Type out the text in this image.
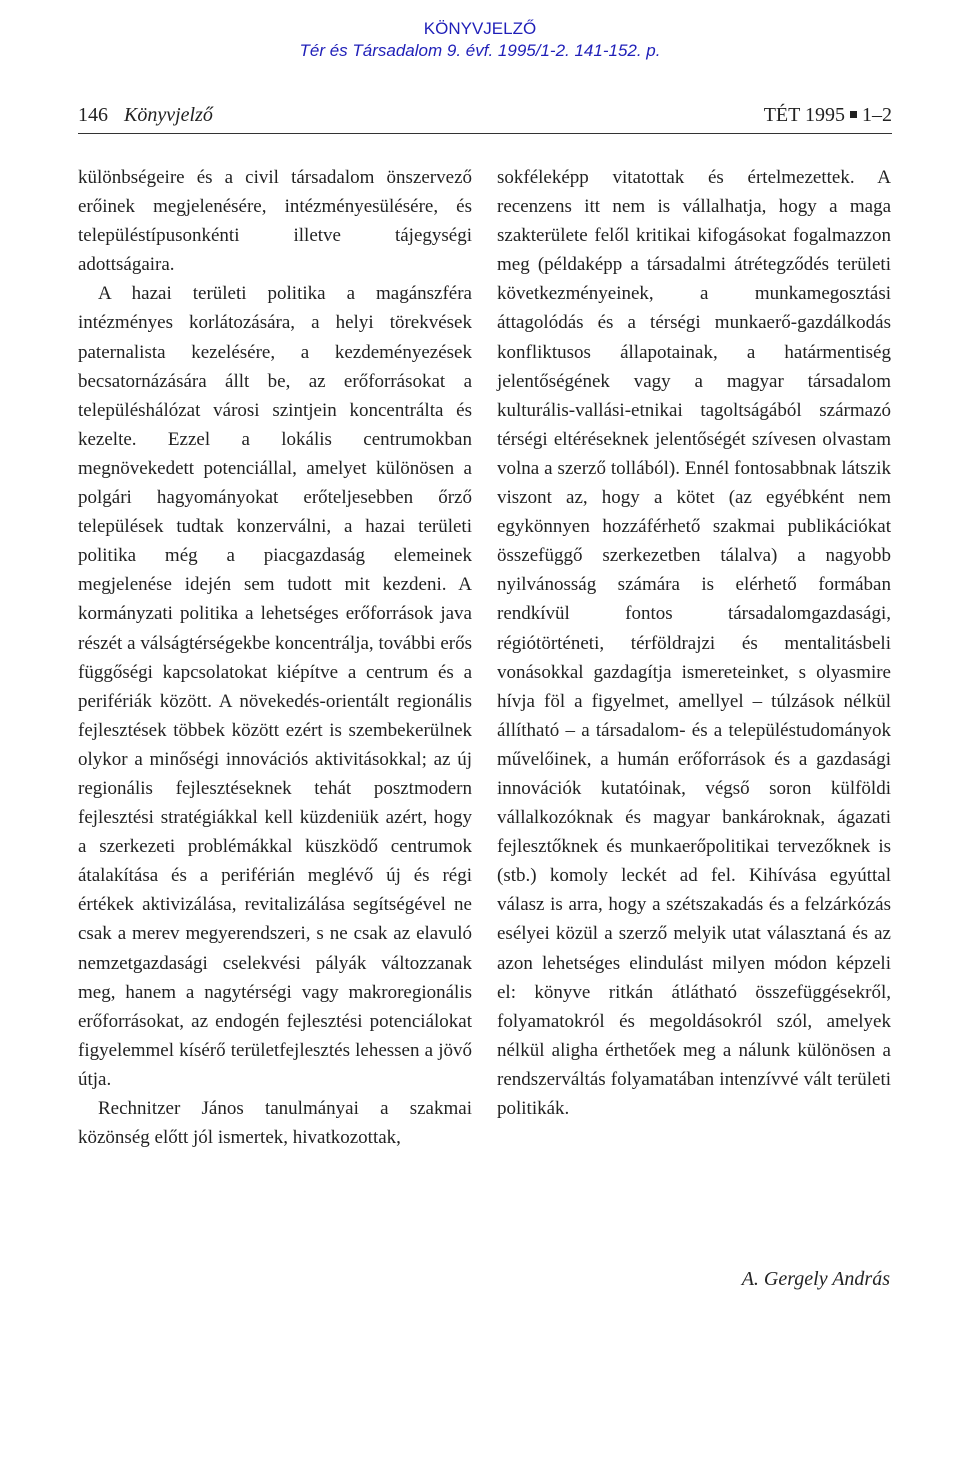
KÖNYVJELZŐ
Tér és Társadalom 9. évf. 1995/1-2. 141-152. p.
146 Könyvjelző	TÉT 1995 1–2

különbségeire és a civil társadalom önszervező erőinek megjelenésére, intézményesülésére, és településtípusonkénti illetve tájegységi adottságaira.

A hazai területi politika a magánszféra intézményes korlátozására, a helyi törekvések paternalista kezelésére, a kezdeményezések becsatornázására állt be, az erőforrásokat a településhálózat városi szintjein koncentrálta és kezelte. Ezzel a lokális centrumokban megnövekedett potenciállal, amelyet különösen a polgári hagyományokat erőteljesebben őrző települések tudtak konzerválni, a hazai területi politika még a piacgazdaság elemeinek megjelenése idején sem tudott mit kezdeni. A kormányzati politika a lehetséges erőforrások java részét a válságtérségekbe koncentrálja, további erős függőségi kapcsolatokat kiépítve a centrum és a perifériák között. A növekedés-orientált regionális fejlesztések többek között ezért is szembekerülnek olykor a minőségi innovációs aktivitásokkal; az új regionális fejlesztéseknek tehát posztmodern fejlesztési stratégiákkal kell küzdeniük azért, hogy a szerkezeti problémákkal küszködő centrumok átalakítása és a periférián meglévő új és régi értékek aktivizálása, revitalizálása segítségével ne csak a merev megyerendszeri, s ne csak az elavuló nemzetgazdasági cselekvési pályák változzanak meg, hanem a nagytérségi vagy makroregionális erőforrásokat, az endogén fejlesztési potenciálokat figyelemmel kísérő területfejlesztés lehessen a jövő útja.

Rechnitzer János tanulmányai a szakmai közönség előtt jól ismertek, hivatkozottak,

sokféleképp vitatottak és értelmezettek. A recenzens itt nem is vállalhatja, hogy a maga szakterülete felől kritikai kifogásokat fogalmazzon meg (példaképp a társadalmi átrétegződés területi következményeinek, a munkamegosztási áttagolódás és a térségi munkaerő-gazdálkodás konfliktusos állapotainak, a határmentiség jelentőségének vagy a magyar társadalom kulturális-vallási-etnikai tagoltságából származó térségi eltéréseknek jelentőségét szívesen olvastam volna a szerző tollából). Ennél fontosabbnak látszik viszont az, hogy a kötet (az egyébként nem egykönnyen hozzáférhető szakmai publikációkat összefüggő szerkezetben tálalva) a nagyobb nyilvánosság számára is elérhető formában rendkívül fontos társadalomgazdasági, régiótörténeti, térföldrajzi és mentalitásbeli vonásokkal gazdagítja ismereteinket, s olyasmire hívja föl a figyelmet, amellyel – túlzások nélkül állítható – a társadalom- és a településtudományok művelőinek, a humán erőforrások és a gazdasági innovációk kutatóinak, végső soron külföldi vállalkozóknak és magyar bankároknak, ágazati fejlesztőknek és munkaerőpolitikai tervezőknek is (stb.) komoly leckét ad fel. Kihívása egyúttal válasz is arra, hogy a szétszakadás és a felzárkózás esélyei közül a szerző melyik utat választaná és az azon lehetséges elindulást milyen módon képzeli el: könyve ritkán átlátható összefüggésekről, folyamatokról és megoldásokról szól, amelyek nélkül aligha érthetőek meg a nálunk különösen a rendszerváltás folyamatában intenzívvé vált területi politikák.

A. Gergely András
